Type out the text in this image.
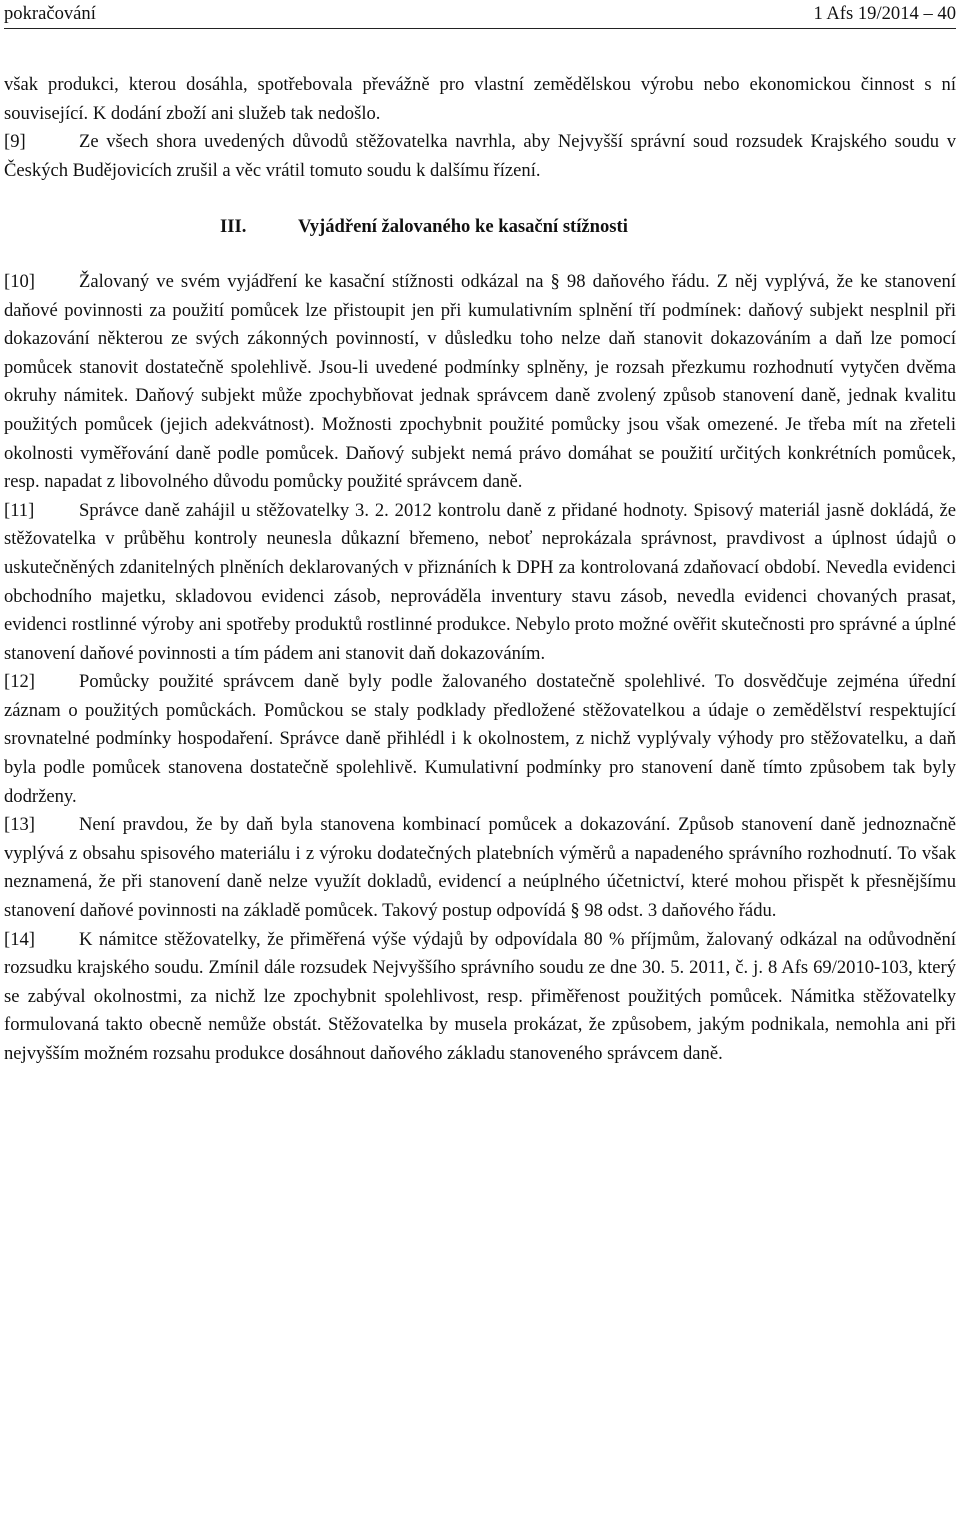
pokračování	1 Afs 19/2014 – 40

však produkci, kterou dosáhla, spotřebovala převážně pro vlastní zemědělskou výrobu nebo ekonomickou činnost s ní související. K dodání zboží ani služeb tak nedošlo.

[9]	Ze všech shora uvedených důvodů stěžovatelka navrhla, aby Nejvyšší správní soud rozsudek Krajského soudu v Českých Budějovicích zrušil a věc vrátil tomuto soudu k dalšímu řízení.

III.	Vyjádření žalovaného ke kasační stížnosti

[10] Žalovaný ve svém vyjádření ke kasační stížnosti odkázal na § 98 daňového řádu. Z něj vyplývá, že ke stanovení daňové povinnosti za použití pomůcek lze přistoupit jen při kumulativním splnění tří podmínek: daňový subjekt nesplnil při dokazování některou ze svých zákonných povinností, v důsledku toho nelze daň stanovit dokazováním a daň lze pomocí pomůcek stanovit dostatečně spolehlivě. Jsou-li uvedené podmínky splněny, je rozsah přezkumu rozhodnutí vytyčen dvěma okruhy námitek. Daňový subjekt může zpochybňovat jednak správcem daně zvolený způsob stanovení daně, jednak kvalitu použitých pomůcek (jejich adekvátnost). Možnosti zpochybnit použité pomůcky jsou však omezené. Je třeba mít na zřeteli okolnosti vyměřování daně podle pomůcek. Daňový subjekt nemá právo domáhat se použití určitých konkrétních pomůcek, resp. napadat z libovolného důvodu pomůcky použité správcem daně.

[11] Správce daně zahájil u stěžovatelky 3. 2. 2012 kontrolu daně z přidané hodnoty. Spisový materiál jasně dokládá, že stěžovatelka v průběhu kontroly neunesla důkazní břemeno, neboť neprokázala správnost, pravdivost a úplnost údajů o uskutečněných zdanitelných plněních deklarovaných v přiznáních k DPH za kontrolovaná zdaňovací období. Nevedla evidenci obchodního majetku, skladovou evidenci zásob, neprováděla inventury stavu zásob, nevedla evidenci chovaných prasat, evidenci rostlinné výroby ani spotřeby produktů rostlinné produkce. Nebylo proto možné ověřit skutečnosti pro správné a úplné stanovení daňové povinnosti a tím pádem ani stanovit daň dokazováním.

[12] Pomůcky použité správcem daně byly podle žalovaného dostatečně spolehlivé. To dosvědčuje zejména úřední záznam o použitých pomůckách. Pomůckou se staly podklady předložené stěžovatelkou a údaje o zemědělství respektující srovnatelné podmínky hospodaření. Správce daně přihlédl i k okolnostem, z nichž vyplývaly výhody pro stěžovatelku, a daň byla podle pomůcek stanovena dostatečně spolehlivě. Kumulativní podmínky pro stanovení daně tímto způsobem tak byly dodrženy.

[13] Není pravdou, že by daň byla stanovena kombinací pomůcek a dokazování. Způsob stanovení daně jednoznačně vyplývá z obsahu spisového materiálu i z výroku dodatečných platebních výměrů a napadeného správního rozhodnutí. To však neznamená, že při stanovení daně nelze využít dokladů, evidencí a neúplného účetnictví, které mohou přispět k přesnějšímu stanovení daňové povinnosti na základě pomůcek. Takový postup odpovídá § 98 odst. 3 daňového řádu.

[14] K námitce stěžovatelky, že přiměřená výše výdajů by odpovídala 80 % příjmům, žalovaný odkázal na odůvodnění rozsudku krajského soudu. Zmínil dále rozsudek Nejvyššího správního soudu ze dne 30. 5. 2011, č. j. 8 Afs 69/2010-103, který se zabýval okolnostmi, za nichž lze zpochybnit spolehlivost, resp. přiměřenost použitých pomůcek. Námitka stěžovatelky formulovaná takto obecně nemůže obstát. Stěžovatelka by musela prokázat, že způsobem, jakým podnikala, nemohla ani při nejvyšším možném rozsahu produkce dosáhnout daňového základu stanoveného správcem daně.
